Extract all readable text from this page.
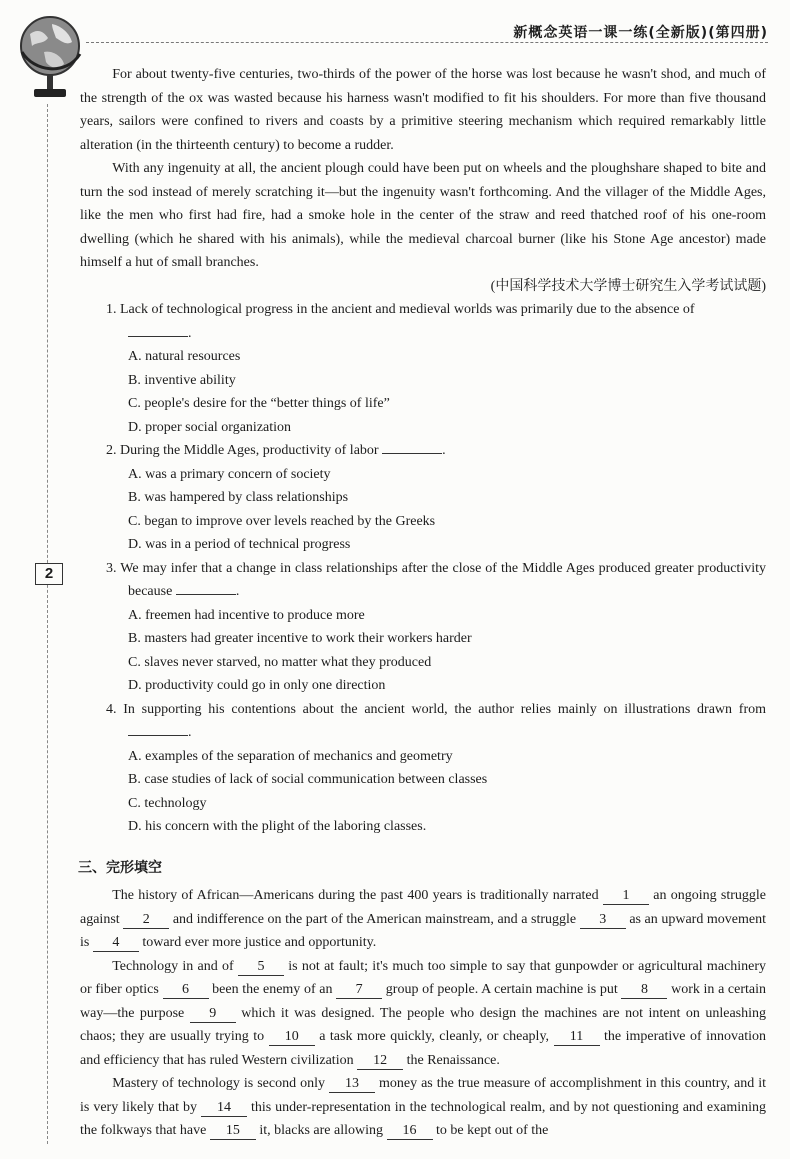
新概念英语一课一练(全新版)(第四册)
2

For about twenty-five centuries, two-thirds of the power of the horse was lost because he wasn't shod, and much of the strength of the ox was wasted because his harness wasn't modified to fit his shoulders. For more than five thousand years, sailors were confined to rivers and coasts by a primitive steering mechanism which required remarkably little alteration (in the thirteenth century) to become a rudder.

With any ingenuity at all, the ancient plough could have been put on wheels and the ploughshare shaped to bite and turn the sod instead of merely scratching it—but the ingenuity wasn't forthcoming. And the villager of the Middle Ages, like the men who first had fire, had a smoke hole in the center of the straw and reed thatched roof of his one-room dwelling (which he shared with his animals), while the medieval charcoal burner (like his Stone Age ancestor) made himself a hut of small branches.

(中国科学技术大学博士研究生入学考试试题)

1. Lack of technological progress in the ancient and medieval worlds was primarily due to the absence of
.

A. natural resources

B. inventive ability

C. people's desire for the “better things of life”

D. proper social organization

2. During the Middle Ages, productivity of labor	.

A. was a primary concern of society

B. was hampered by class relationships

C. began to improve over levels reached by the Greeks

D. was in a period of technical progress

3. We may infer that a change in class relationships after the close of the Middle Ages produced greater productivity because	.

A. freemen had incentive to produce more

B. masters had greater incentive to work their workers harder

C. slaves never starved, no matter what they produced

D. productivity could go in only one direction

4. In supporting his contentions about the ancient world, the author relies mainly on illustrations drawn from .

A. examples of the separation of mechanics and geometry

B. case studies of lack of social communication between classes

C. technology

D. his concern with the plight of the laboring classes.

三、完形填空

The history of African—Americans during the past 400 years is traditionally narrated 1 an ongoing struggle against 2 and indifference on the part of the American mainstream, and a struggle 3 as an upward movement is 4 toward ever more justice and opportunity.

Technology in and of 5 is not at fault; it's much too simple to say that gunpowder or agricultural machinery or fiber optics 6 been the enemy of an 7 group of people. A certain machine is put 8 work in a certain way—the purpose 9 which it was designed. The people who design the machines are not intent on unleashing chaos; they are usually trying to 10 a task more quickly, cleanly, or cheaply, 11 the imperative of innovation and efficiency that has ruled Western civilization 12 the Renaissance.

Mastery of technology is second only 13 money as the true measure of accomplishment in this country, and it is very likely that by 14 this under-representation in the technological realm, and by not questioning and examining the folkways that have 15 it, blacks are allowing 16 to be kept out of the
